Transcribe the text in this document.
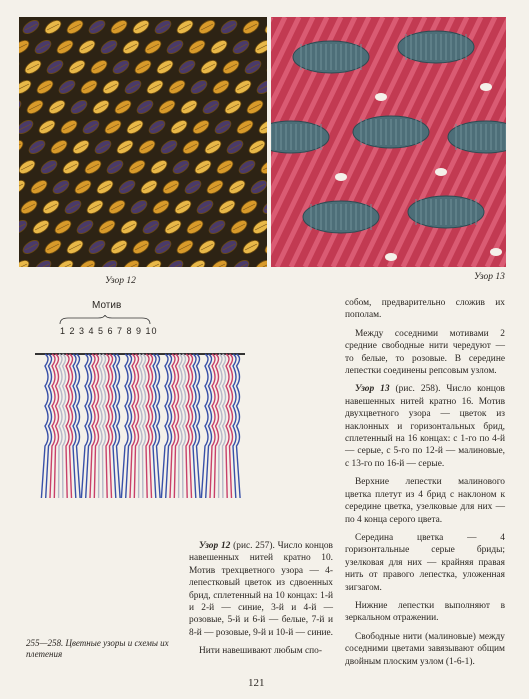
Узор 12	Узор 13
Мотив
1 2 3 4 5 6 7 8 9 10

Узор 12 (рис. 257). Число концов навешенных нитей кратно 10. Мотив трехцветного узора — 4-лепестковый цветок из сдвоенных брид, сплетенный на 10 концах: 1-й и 2-й — синие, 3-й и 4-й — розовые, 5-й и 6-й — белые, 7-й и 8-й — розовые, 9-й и 10-й — синие.

Нити навешивают любым спо-

собом, предварительно сложив их пополам.

Между соседними мотивами 2 средние свободные нити чередуют — то белые, то розовые. В середине лепестки соединены репсовым узлом.

Узор 13 (рис. 258). Число концов навешенных нитей кратно 16. Мотив двухцветного узора — цветок из наклонных и горизонтальных брид, сплетенный на 16 концах: с 1-го по 4-й — серые, с 5-го по 12-й — малиновые, с 13-го по 16-й — серые.

Верхние лепестки малинового цветка плетут из 4 брид с наклоном к середине цветка, узелковые для них — по 4 конца серого цвета.

Середина цветка — 4 горизонтальные серые бриды; узелковая для них — крайняя правая нить от правого лепестка, уложенная зигзагом.

Нижние лепестки выполняют в зеркальном отражении.

Свободные нити (малиновые) между соседними цветами завязывают общим двойным плоским узлом (1-6-1).

255—258. Цветные узоры и схемы их плетения
121
